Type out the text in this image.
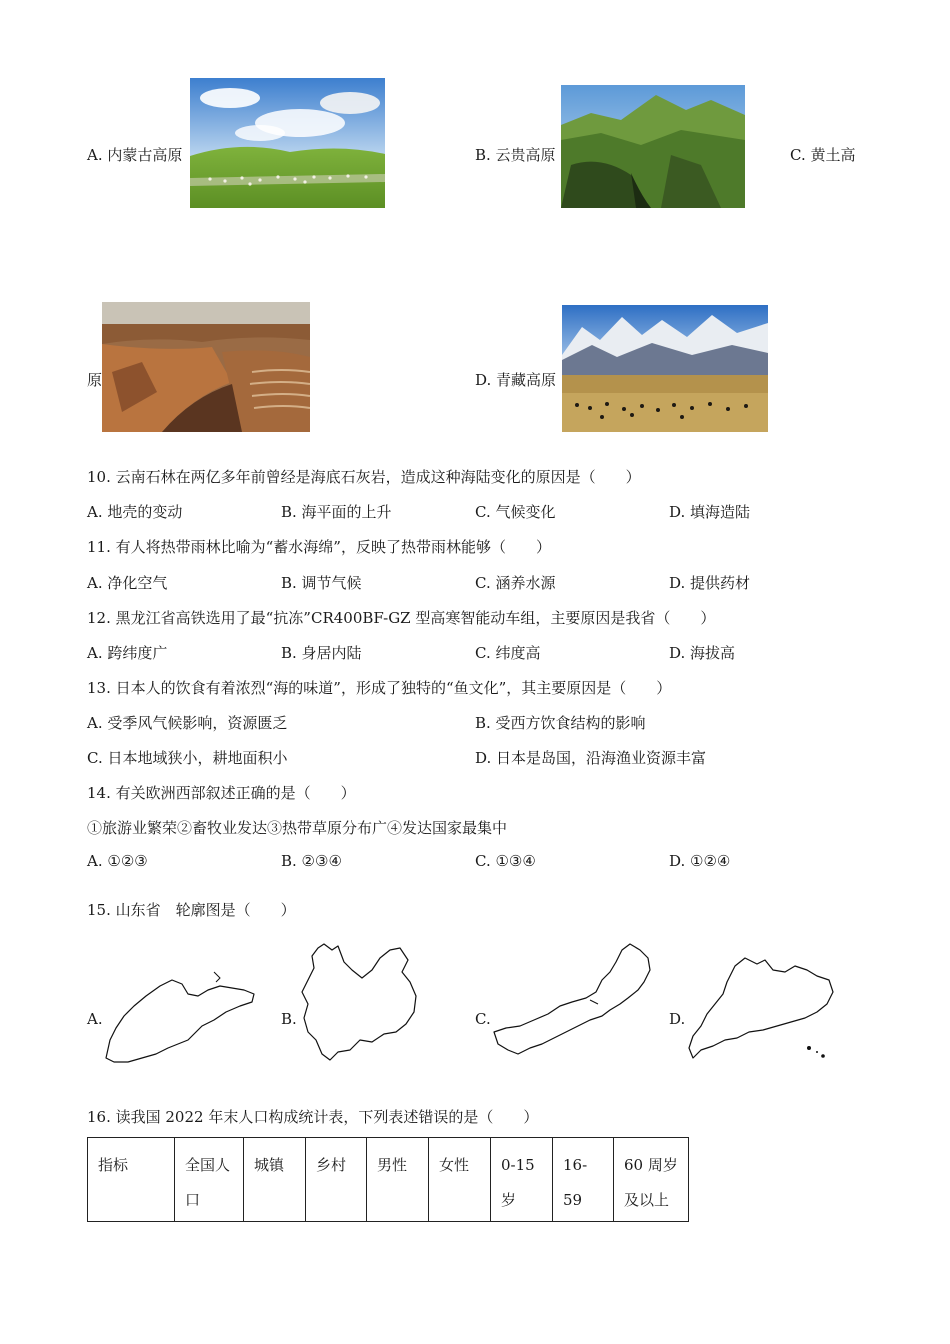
A. 内蒙古高原	B. 云贵高原	C. 黄土高
原	D. 青藏高原
10. 云南石林在两亿多年前曾经是海底石灰岩，造成这种海陆变化的原因是（　　）
A. 地壳的变动	B. 海平面的上升	C. 气候变化	D. 填海造陆
11. 有人将热带雨林比喻为“蓄水海绵”，反映了热带雨林能够（　　）
A. 净化空气	B. 调节气候	C. 涵养水源	D. 提供药材
12. 黑龙江省高铁选用了最“抗冻”CR400BF-GZ 型高寒智能动车组，主要原因是我省（　　）
A. 跨纬度广	B. 身居内陆	C. 纬度高	D. 海拔高
13. 日本人的饮食有着浓烈“海的味道”，形成了独特的“鱼文化”，其主要原因是（　　）
A. 受季风气候影响，资源匮乏	B. 受西方饮食结构的影响
C. 日本地域狭小，耕地面积小	D. 日本是岛国，沿海渔业资源丰富
14. 有关欧洲西部叙述正确的是（　　）
①旅游业繁荣②畜牧业发达③热带草原分布广④发达国家最集中
A. ①②③	B. ②③④	C. ①③④	D. ①②④
15. 山东省　轮廓图是（　　）
A.	B.	C.	D.
16. 读我国 2022 年末人口构成统计表，下列表述错误的是（　　）
指标	全国人口	城镇	乡村	男性	女性	0-15 岁	16-59	60 周岁及以上
